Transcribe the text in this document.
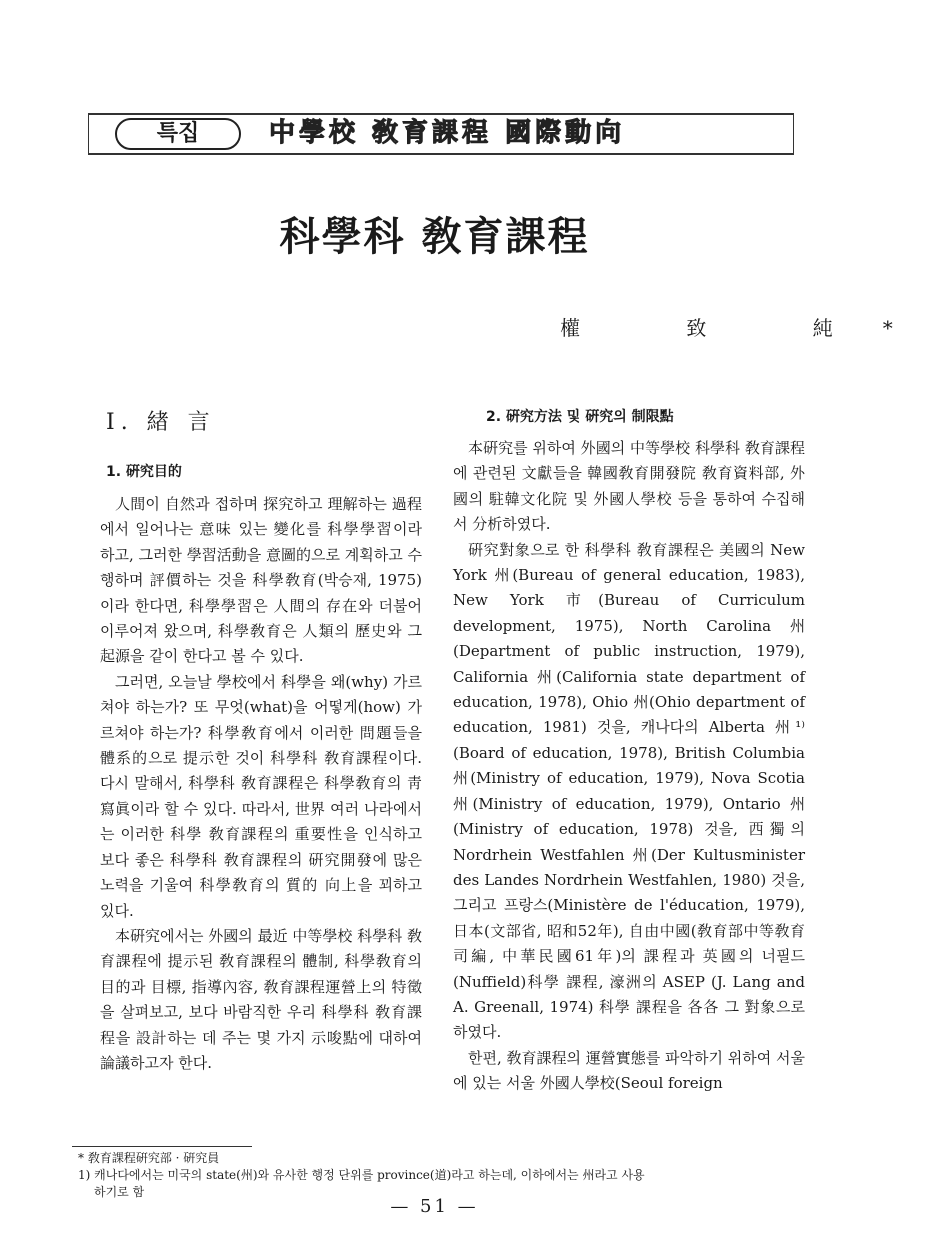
특집	中學校 敎育課程 國際動向
科學科 敎育課程
權 致 純*
Ⅰ. 緖 言
1. 硏究目的

人間이 自然과 접하며 探究하고 理解하는 過程에서 일어나는 意味 있는 變化를 科學學習이라 하고, 그러한 學習活動을 意圖的으로 계획하고 수행하며 評價하는 것을 科學敎育(박승재, 1975)이라 한다면, 科學學習은 人間의 存在와 더불어 이루어져 왔으며, 科學敎育은 人類의 歷史와 그 起源을 같이 한다고 볼 수 있다.

그러면, 오늘날 學校에서 科學을 왜(why) 가르쳐야 하는가? 또 무엇(what)을 어떻게(how) 가르쳐야 하는가? 科學敎育에서 이러한 問題들을 體系的으로 提示한 것이 科學科 敎育課程이다. 다시 말해서, 科學科 敎育課程은 科學敎育의 靑寫眞이라 할 수 있다. 따라서, 世界 여러 나라에서는 이러한 科學 敎育課程의 重要性을 인식하고 보다 좋은 科學科 敎育課程의 硏究開發에 많은 노력을 기울여 科學敎育의 質的 向上을 꾀하고 있다.

本硏究에서는 外國의 最近 中等學校 科學科 敎育課程에 提示된 敎育課程의 體制, 科學敎育의 目的과 目標, 指導內容, 敎育課程運營上의 特徵을 살펴보고, 보다 바람직한 우리 科學科 敎育課程을 設計하는 데 주는 몇 가지 示唆點에 대하여 論議하고자 한다.

2. 硏究方法 및 硏究의 制限點

本硏究를 위하여 外國의 中等學校 科學科 敎育課程에 관련된 文獻들을 韓國敎育開發院 敎育資料部, 外國의 駐韓文化院 및 外國人學校 등을 통하여 수집해서 分析하였다.

硏究對象으로 한 科學科 敎育課程은 美國의 New York 州(Bureau of general education, 1983), New York 市(Bureau of Curriculum development, 1975), North Carolina 州(Department of public instruction, 1979), California 州(California state department of education, 1978), Ohio 州(Ohio department of education, 1981) 것을, 캐나다의 Alberta 州¹⁾ (Board of education, 1978), British Columbia 州(Ministry of education, 1979), Nova Scotia 州(Ministry of education, 1979), Ontario 州 (Ministry of education, 1978) 것을, 西獨의 Nordrhein Westfahlen 州(Der Kultusminister des Landes Nordrhein Westfahlen, 1980) 것을, 그리고 프랑스(Ministère de l'éducation, 1979), 日本(文部省, 昭和52年), 自由中國(敎育部中等敎育司編, 中華民國61年)의 課程과 英國의 너필드(Nuffield)科學 課程, 濠洲의 ASEP (J. Lang and A. Greenall, 1974) 科學 課程을 各各 그 對象으로 하였다.

한편, 敎育課程의 運營實態를 파악하기 위하여 서울에 있는 서울 外國人學校(Seoul foreign

* 敎育課程硏究部 · 硏究員

1) 캐나다에서는 미국의 state(州)와 유사한 행정 단위를 province(道)라고 하는데, 이하에서는 州라고 사용

하기로 함

— 51 —
